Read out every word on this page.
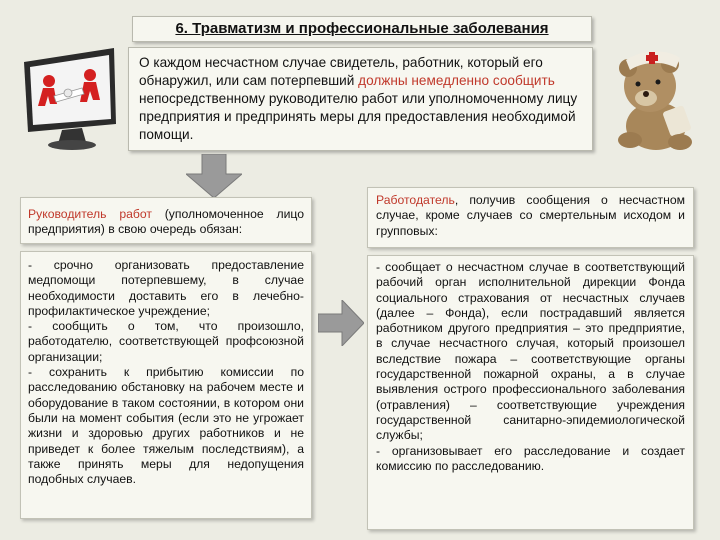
6. Травматизм и профессиональные заболевания
О каждом несчастном случае свидетель, работник, который его обнаружил, или сам потерпевший должны немедленно сообщить непосредственному руководителю работ или уполномоченному лицу предприятия и предпринять меры для предоставления необходимой помощи.

Руководитель работ (уполномоченное лицо предприятия) в свою очередь обязан:

Работодатель, получив сообщения о несчастном случае, кроме случаев со смертельным исходом и групповых:

- срочно организовать предоставление медпомощи потерпевшему, в случае необходимости доставить его в лечебно-профилактическое учреждение;

- сообщить о том, что произошло, работодателю, соответствующей профсоюзной организации;

- сохранить к прибытию комиссии по расследованию обстановку на рабочем месте и оборудование в таком состоянии, в котором они были на момент события (если это не угрожает жизни и здоровью других работников и не приведет к более тяжелым последствиям), а также принять меры для недопущения подобных случаев.

- сообщает о несчастном случае в соответствующий рабочий орган исполнительной дирекции Фонда социального страхования от несчастных случаев (далее – Фонда), если пострадавший является работником другого предприятия – это предприятие, в случае несчастного случая, который произошел вследствие пожара – соответствующие органы государственной пожарной охраны, а в случае выявления острого профессионального заболевания (отравления) – соответствующие учреждения государственной санитарно-эпидемиологической службы;

- организовывает его расследование и создает комиссию по расследованию.
